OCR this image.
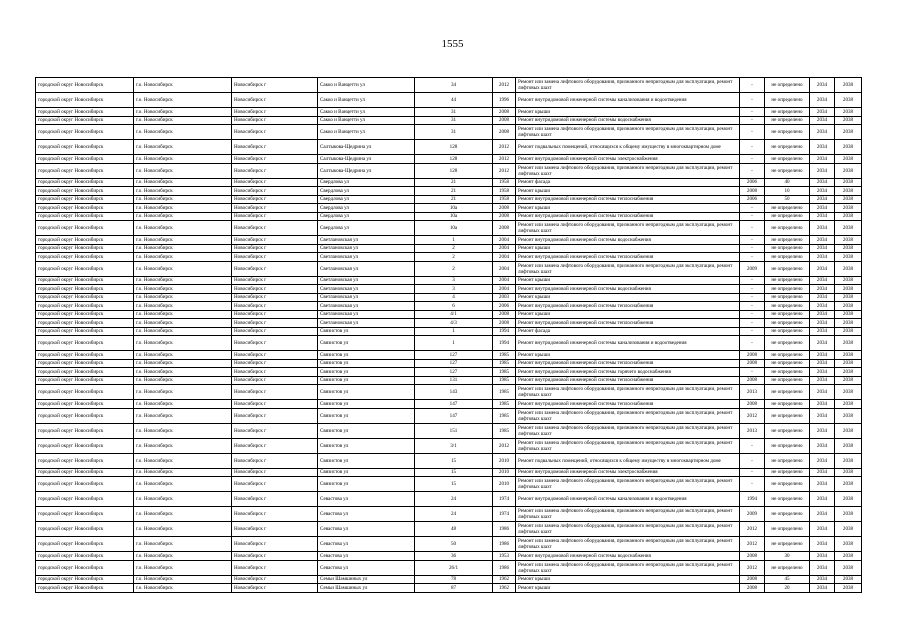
1555
городской округ Новосибирск	г.о. Новосибирск	Новосибирск г	Сакко и Ванцетти ул	34	2012	Ремонт или замена лифтового оборудования, признанного непригодным для эксплуатации, ремонт лифтовых шахт	-	не определено	2034	2038
городской округ Новосибирск	г.о. Новосибирск	Новосибирск г	Сакко и Ванцетти ул	44	1996	Ремонт внутридомовой инженерной системы канализования и водоотведения	-	не определено	2034	2038
городской округ Новосибирск	г.о. Новосибирск	Новосибирск г	Сакко и Ванцетти ул	31	2008	Ремонт крыши	-	не определено	2034	2038
городской округ Новосибирск	г.о. Новосибирск	Новосибирск г	Сакко и Ванцетти ул	31	2008	Ремонт внутридомовой инженерной системы водоснабжения	-	не определено	2034	2038
городской округ Новосибирск	г.о. Новосибирск	Новосибирск г	Сакко и Ванцетти ул	31	2008	Ремонт или замена лифтового оборудования, признанного непригодным для эксплуатации, ремонт лифтовых шахт	-	не определено	2034	2038
городской округ Новосибирск	г.о. Новосибирск	Новосибирск г	Салтыкова-Щедрина ул	128	2012	Ремонт подвальных помещений, относящихся к общему имуществу в многоквартирном доме	-	не определено	2034	2038
городской округ Новосибирск	г.о. Новосибирск	Новосибирск г	Салтыкова-Щедрина ул	128	2012	Ремонт внутридомовой инженерной системы электроснабжения	-	не определено	2034	2038
городской округ Новосибирск	г.о. Новосибирск	Новосибирск г	Салтыкова-Щедрина ул	128	2012	Ремонт или замена лифтового оборудования, признанного непригодным для эксплуатации, ремонт лифтовых шахт	-	не определено	2034	2038
городской округ Новосибирск	г.о. Новосибирск	Новосибирск г	Свердлова ул	21	1958	Ремонт фасада	2006	40	2034	2038
городской округ Новосибирск	г.о. Новосибирск	Новосибирск г	Свердлова ул	21	1958	Ремонт крыши	2008	10	2034	2038
городской округ Новосибирск	г.о. Новосибирск	Новосибирск г	Свердлова ул	21	1958	Ремонт внутридомовой инженерной системы теплоснабжения	2006	50	2034	2038
городской округ Новосибирск	г.о. Новосибирск	Новосибирск г	Свердлова ул	10а	2008	Ремонт крыши	-	не определено	2034	2038
городской округ Новосибирск	г.о. Новосибирск	Новосибирск г	Свердлова ул	10а	2008	Ремонт внутридомовой инженерной системы теплоснабжения	-	не определено	2034	2038
городской округ Новосибирск	г.о. Новосибирск	Новосибирск г	Свердлова ул	10а	2008	Ремонт или замена лифтового оборудования, признанного непригодным для эксплуатации, ремонт лифтовых шахт	-	не определено	2034	2038
городской округ Новосибирск	г.о. Новосибирск	Новосибирск г	Светлановская ул	1	2004	Ремонт внутридомовой инженерной системы водоснабжения	-	не определено	2034	2038
городской округ Новосибирск	г.о. Новосибирск	Новосибирск г	Светлановская ул	2	2004	Ремонт крыши	-	не определено	2034	2038
городской округ Новосибирск	г.о. Новосибирск	Новосибирск г	Светлановская ул	2	2004	Ремонт внутридомовой инженерной системы теплоснабжения	-	не определено	2034	2038
городской округ Новосибирск	г.о. Новосибирск	Новосибирск г	Светлановская ул	2	2004	Ремонт или замена лифтового оборудования, признанного непригодным для эксплуатации, ремонт лифтовых шахт	2009	не определено	2034	2038
городской округ Новосибирск	г.о. Новосибирск	Новосибирск г	Светлановская ул	3	2004	Ремонт крыши	-	не определено	2034	2038
городской округ Новосибирск	г.о. Новосибирск	Новосибирск г	Светлановская ул	3	2004	Ремонт внутридомовой инженерной системы водоснабжения	-	не определено	2034	2038
городской округ Новосибирск	г.о. Новосибирск	Новосибирск г	Светлановская ул	4	2003	Ремонт крыши	-	не определено	2034	2038
городской округ Новосибирск	г.о. Новосибирск	Новосибирск г	Светлановская ул	6	2006	Ремонт внутридомовой инженерной системы теплоснабжения	-	не определено	2034	2038
городской округ Новосибирск	г.о. Новосибирск	Новосибирск г	Светлановская ул	4/1	2008	Ремонт крыши	-	не определено	2034	2038
городской округ Новосибирск	г.о. Новосибирск	Новосибирск г	Светлановская ул	4/3	2008	Ремонт внутридомовой инженерной системы теплоснабжения	-	не определено	2034	2038
городской округ Новосибирск	г.о. Новосибирск	Новосибирск г	Связистов ул	1	1994	Ремонт фасада	-	не определено	2034	2038
городской округ Новосибирск	г.о. Новосибирск	Новосибирск г	Связистов ул	1	1994	Ремонт внутридомовой инженерной системы канализования и водоотведения	-	не определено	2034	2038
городской округ Новосибирск	г.о. Новосибирск	Новосибирск г	Связистов ул	127	1985	Ремонт крыши	2008	не определено	2034	2038
городской округ Новосибирск	г.о. Новосибирск	Новосибирск г	Связистов ул	127	1985	Ремонт внутридомовой инженерной системы теплоснабжения	2008	не определено	2034	2038
городской округ Новосибирск	г.о. Новосибирск	Новосибирск г	Связистов ул	127	1985	Ремонт внутридомовой инженерной системы горячего водоснабжения	-	не определено	2034	2038
городской округ Новосибирск	г.о. Новосибирск	Новосибирск г	Связистов ул	131	1985	Ремонт внутридомовой инженерной системы теплоснабжения	2008	не определено	2034	2038
городской округ Новосибирск	г.о. Новосибирск	Новосибирск г	Связистов ул	143	1985	Ремонт или замена лифтового оборудования, признанного непригодным для эксплуатации, ремонт лифтовых шахт	2013	не определено	2034	2038
городской округ Новосибирск	г.о. Новосибирск	Новосибирск г	Связистов ул	147	1985	Ремонт внутридомовой инженерной системы теплоснабжения	2008	не определено	2034	2038
городской округ Новосибирск	г.о. Новосибирск	Новосибирск г	Связистов ул	147	1985	Ремонт или замена лифтового оборудования, признанного непригодным для эксплуатации, ремонт лифтовых шахт	2012	не определено	2034	2038
городской округ Новосибирск	г.о. Новосибирск	Новосибирск г	Связистов ул	151	1985	Ремонт или замена лифтового оборудования, признанного непригодным для эксплуатации, ремонт лифтовых шахт	2013	не определено	2034	2038
городской округ Новосибирск	г.о. Новосибирск	Новосибирск г	Связистов ул	3/1	2012	Ремонт или замена лифтового оборудования, признанного непригодным для эксплуатации, ремонт лифтовых шахт	-	не определено	2034	2038
городской округ Новосибирск	г.о. Новосибирск	Новосибирск г	Связистов ул	15	2010	Ремонт подвальных помещений, относящихся к общему имуществу в многоквартирном доме	-	не определено	2034	2038
городской округ Новосибирск	г.о. Новосибирск	Новосибирск г	Связистов ул	15	2010	Ремонт внутридомовой инженерной системы электроснабжения	-	не определено	2034	2038
городской округ Новосибирск	г.о. Новосибирск	Новосибирск г	Связистов ул	15	2010	Ремонт или замена лифтового оборудования, признанного непригодным для эксплуатации, ремонт лифтовых шахт	-	не определено	2034	2038
городской округ Новосибирск	г.о. Новосибирск	Новосибирск г	Севастова ул	24	1974	Ремонт внутридомовой инженерной системы канализования и водоотведения	1994	не определено	2034	2038
городской округ Новосибирск	г.о. Новосибирск	Новосибирск г	Севастова ул	24	1974	Ремонт или замена лифтового оборудования, признанного непригодным для эксплуатации, ремонт лифтовых шахт	2009	не определено	2034	2038
городской округ Новосибирск	г.о. Новосибирск	Новосибирск г	Севастова ул	48	1986	Ремонт или замена лифтового оборудования, признанного непригодным для эксплуатации, ремонт лифтовых шахт	2012	не определено	2034	2038
городской округ Новосибирск	г.о. Новосибирск	Новосибирск г	Севастова ул	50	1986	Ремонт или замена лифтового оборудования, признанного непригодным для эксплуатации, ремонт лифтовых шахт	2012	не определено	2034	2038
городской округ Новосибирск	г.о. Новосибирск	Новосибирск г	Севастова ул	36	1953	Ремонт внутридомовой инженерной системы водоснабжения	2008	30	2034	2038
городской округ Новосибирск	г.о. Новосибирск	Новосибирск г	Севастова ул	26/1	1986	Ремонт или замена лифтового оборудования, признанного непригодным для эксплуатации, ремонт лифтовых шахт	2012	не определено	2034	2038
городской округ Новосибирск	г.о. Новосибирск	Новосибирск г	Семьи Шамшиных ул	78	1962	Ремонт крыши	2008	45	2034	2038
городской округ Новосибирск	г.о. Новосибирск	Новосибирск г	Семьи Шамшиных ул	87	1962	Ремонт крыши	2008	20	2034	2038
